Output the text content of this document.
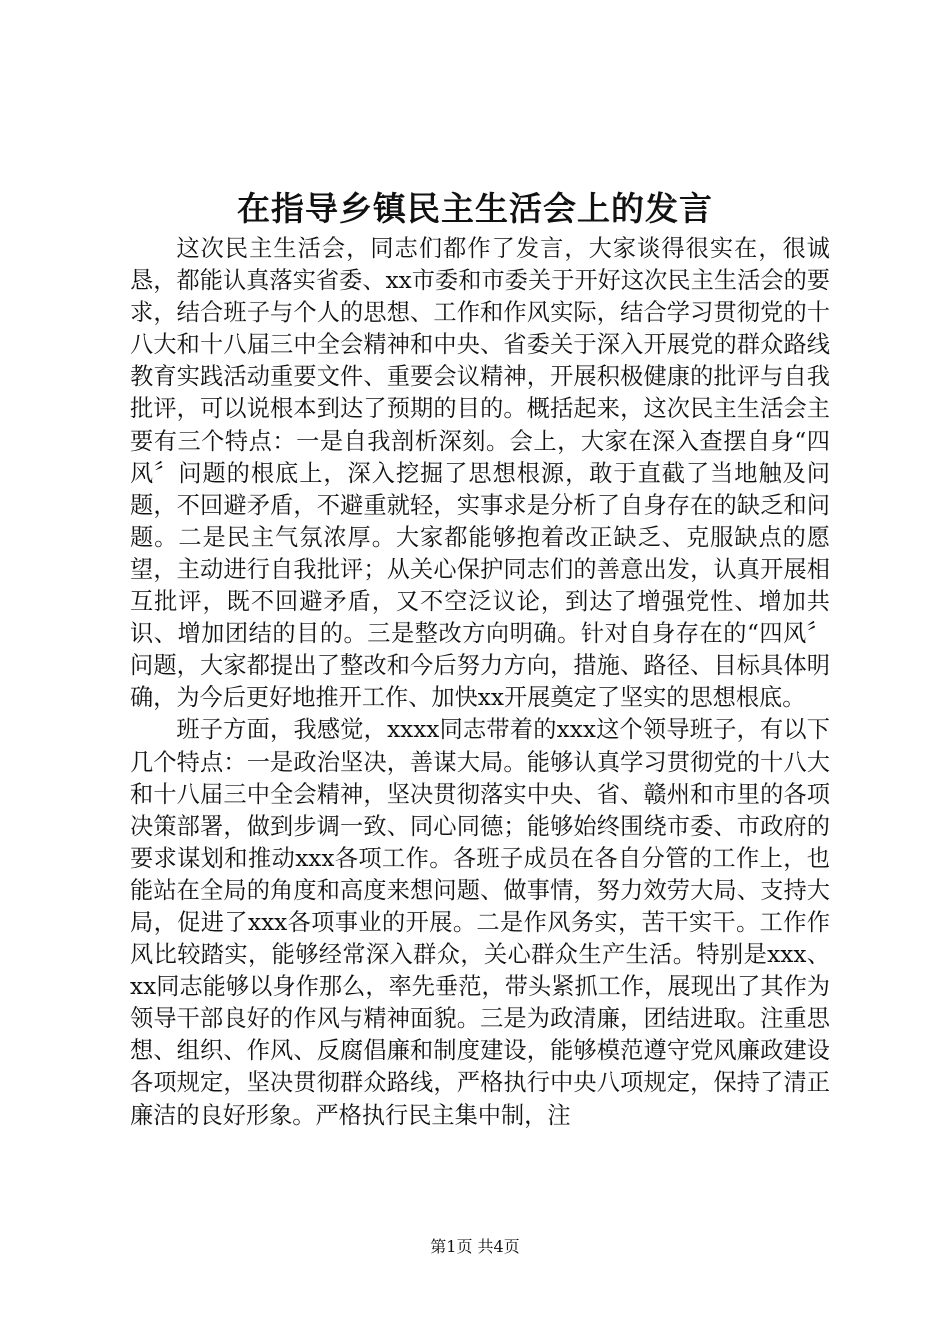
在指导乡镇民主生活会上的发言

这次民主生活会，同志们都作了发言，大家谈得很实在，很诚恳，都能认真落实省委、xx市委和市委关于开好这次民主生活会的要求，结合班子与个人的思想、工作和作风实际，结合学习贯彻党的十八大和十八届三中全会精神和中央、省委关于深入开展党的群众路线教育实践活动重要文件、重要会议精神，开展积极健康的批评与自我批评，可以说根本到达了预期的目的。概括起来，这次民主生活会主要有三个特点：一是自我剖析深刻。会上，大家在深入查摆自身“四风〞问题的根底上，深入挖掘了思想根源，敢于直截了当地触及问题，不回避矛盾，不避重就轻，实事求是分析了自身存在的缺乏和问题。二是民主气氛浓厚。大家都能够抱着改正缺乏、克服缺点的愿望，主动进行自我批评；从关心保护同志们的善意出发，认真开展相互批评，既不回避矛盾，又不空泛议论，到达了增强党性、增加共识、增加团结的目的。三是整改方向明确。针对自身存在的“四风〞问题，大家都提出了整改和今后努力方向，措施、路径、目标具体明确，为今后更好地推开工作、加快xx开展奠定了坚实的思想根底。

班子方面，我感觉，xxxx同志带着的xxx这个领导班子，有以下几个特点：一是政治坚决，善谋大局。能够认真学习贯彻党的十八大和十八届三中全会精神，坚决贯彻落实中央、省、赣州和市里的各项决策部署，做到步调一致、同心同德；能够始终围绕市委、市政府的要求谋划和推动xxx各项工作。各班子成员在各自分管的工作上，也能站在全局的角度和高度来想问题、做事情，努力效劳大局、支持大局，促进了xxx各项事业的开展。二是作风务实，苦干实干。工作作风比较踏实，能够经常深入群众，关心群众生产生活。特别是xxx、xx同志能够以身作那么，率先垂范，带头紧抓工作，展现出了其作为领导干部良好的作风与精神面貌。三是为政清廉，团结进取。注重思想、组织、作风、反腐倡廉和制度建设，能够模范遵守党风廉政建设各项规定，坚决贯彻群众路线，严格执行中央八项规定，保持了清正廉洁的良好形象。严格执行民主集中制，注

第1页 共4页
